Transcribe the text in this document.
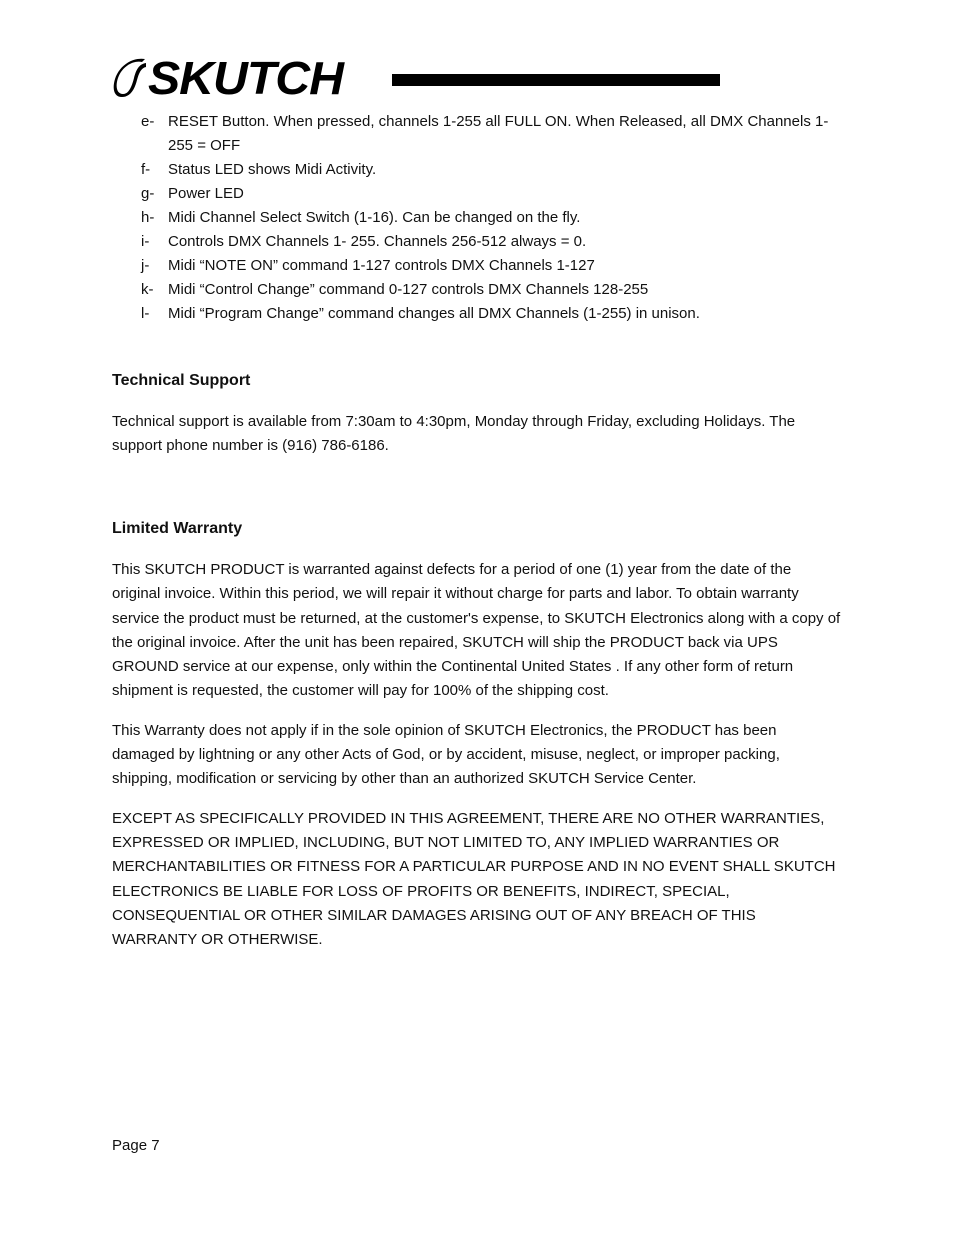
SKUTCH
e- RESET Button. When pressed, channels 1-255 all FULL ON. When Released, all DMX Channels 1-255 = OFF
f-	Status LED shows Midi Activity.
g- Power LED
h- Midi Channel Select Switch (1-16). Can be changed on the fly.
i-	Controls DMX Channels 1- 255. Channels 256-512 always = 0.
j-	Midi “NOTE ON” command 1-127 controls DMX Channels 1-127
k- Midi “Control Change” command 0-127 controls DMX Channels 128-255
l-	Midi “Program Change” command changes all DMX Channels (1-255) in unison.
Technical Support

Technical support is available from 7:30am to 4:30pm, Monday through Friday, excluding Holidays. The support phone number is (916) 786-6186.

Limited Warranty

This SKUTCH PRODUCT is warranted against defects for a period of one (1) year from the date of the original invoice. Within this period, we will repair it without charge for parts and labor. To obtain warranty service the product must be returned, at the customer's expense, to SKUTCH Electronics along with a copy of the original invoice. After the unit has been repaired, SKUTCH will ship the PRODUCT back via UPS GROUND service at our expense, only within the Continental United States . If any other form of return shipment is requested, the customer will pay for 100% of the shipping cost.

This Warranty does not apply if in the sole opinion of SKUTCH Electronics, the PRODUCT has been damaged by lightning or any other Acts of God, or by accident, misuse, neglect, or improper packing, shipping, modification or servicing by other than an authorized SKUTCH Service Center.

EXCEPT AS SPECIFICALLY PROVIDED IN THIS AGREEMENT, THERE ARE NO OTHER WARRANTIES, EXPRESSED OR IMPLIED, INCLUDING, BUT NOT LIMITED TO, ANY IMPLIED WARRANTIES OR MERCHANTABILITIES OR FITNESS FOR A PARTICULAR PURPOSE AND IN NO EVENT SHALL SKUTCH ELECTRONICS BE LIABLE FOR LOSS OF PROFITS OR BENEFITS, INDIRECT, SPECIAL, CONSEQUENTIAL OR OTHER SIMILAR DAMAGES ARISING OUT OF ANY BREACH OF THIS WARRANTY OR OTHERWISE.

Page 7
